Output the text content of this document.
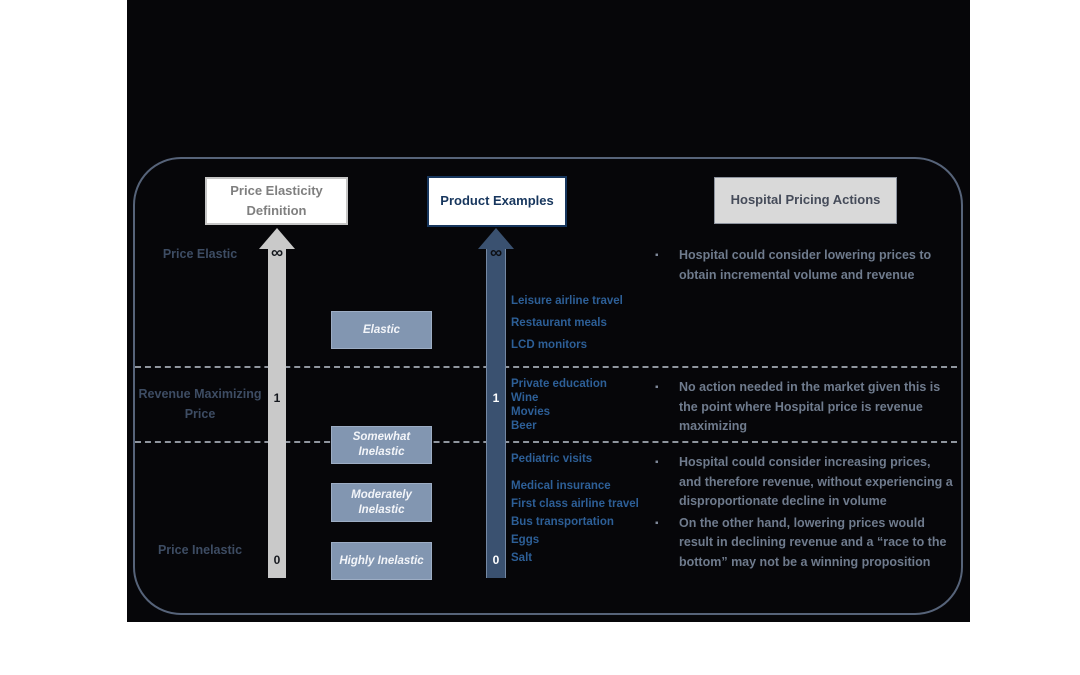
∞
1
0
∞
1
0
Price Elasticity Definition
Product Examples	Hospital Pricing Actions
Price Elastic
Revenue Maximizing Price
Price Inelastic
Elastic
Somewhat Inelastic
Moderately Inelastic
Highly Inelastic
Leisure airline travel
Restaurant meals
LCD monitors
Private education
Wine
Movies
Beer
Pediatric visits
Medical insurance
First class airline travel
Bus transportation
Eggs
Salt
▪	Hospital could consider lowering prices to obtain incremental volume and revenue
▪	No action needed in the market given this is the point where Hospital price is revenue maximizing
▪	Hospital could consider increasing prices, and therefore revenue, without experiencing a disproportionate decline in volume
▪	On the other hand, lowering prices would result in declining revenue and a “race to the bottom” may not be a winning proposition
